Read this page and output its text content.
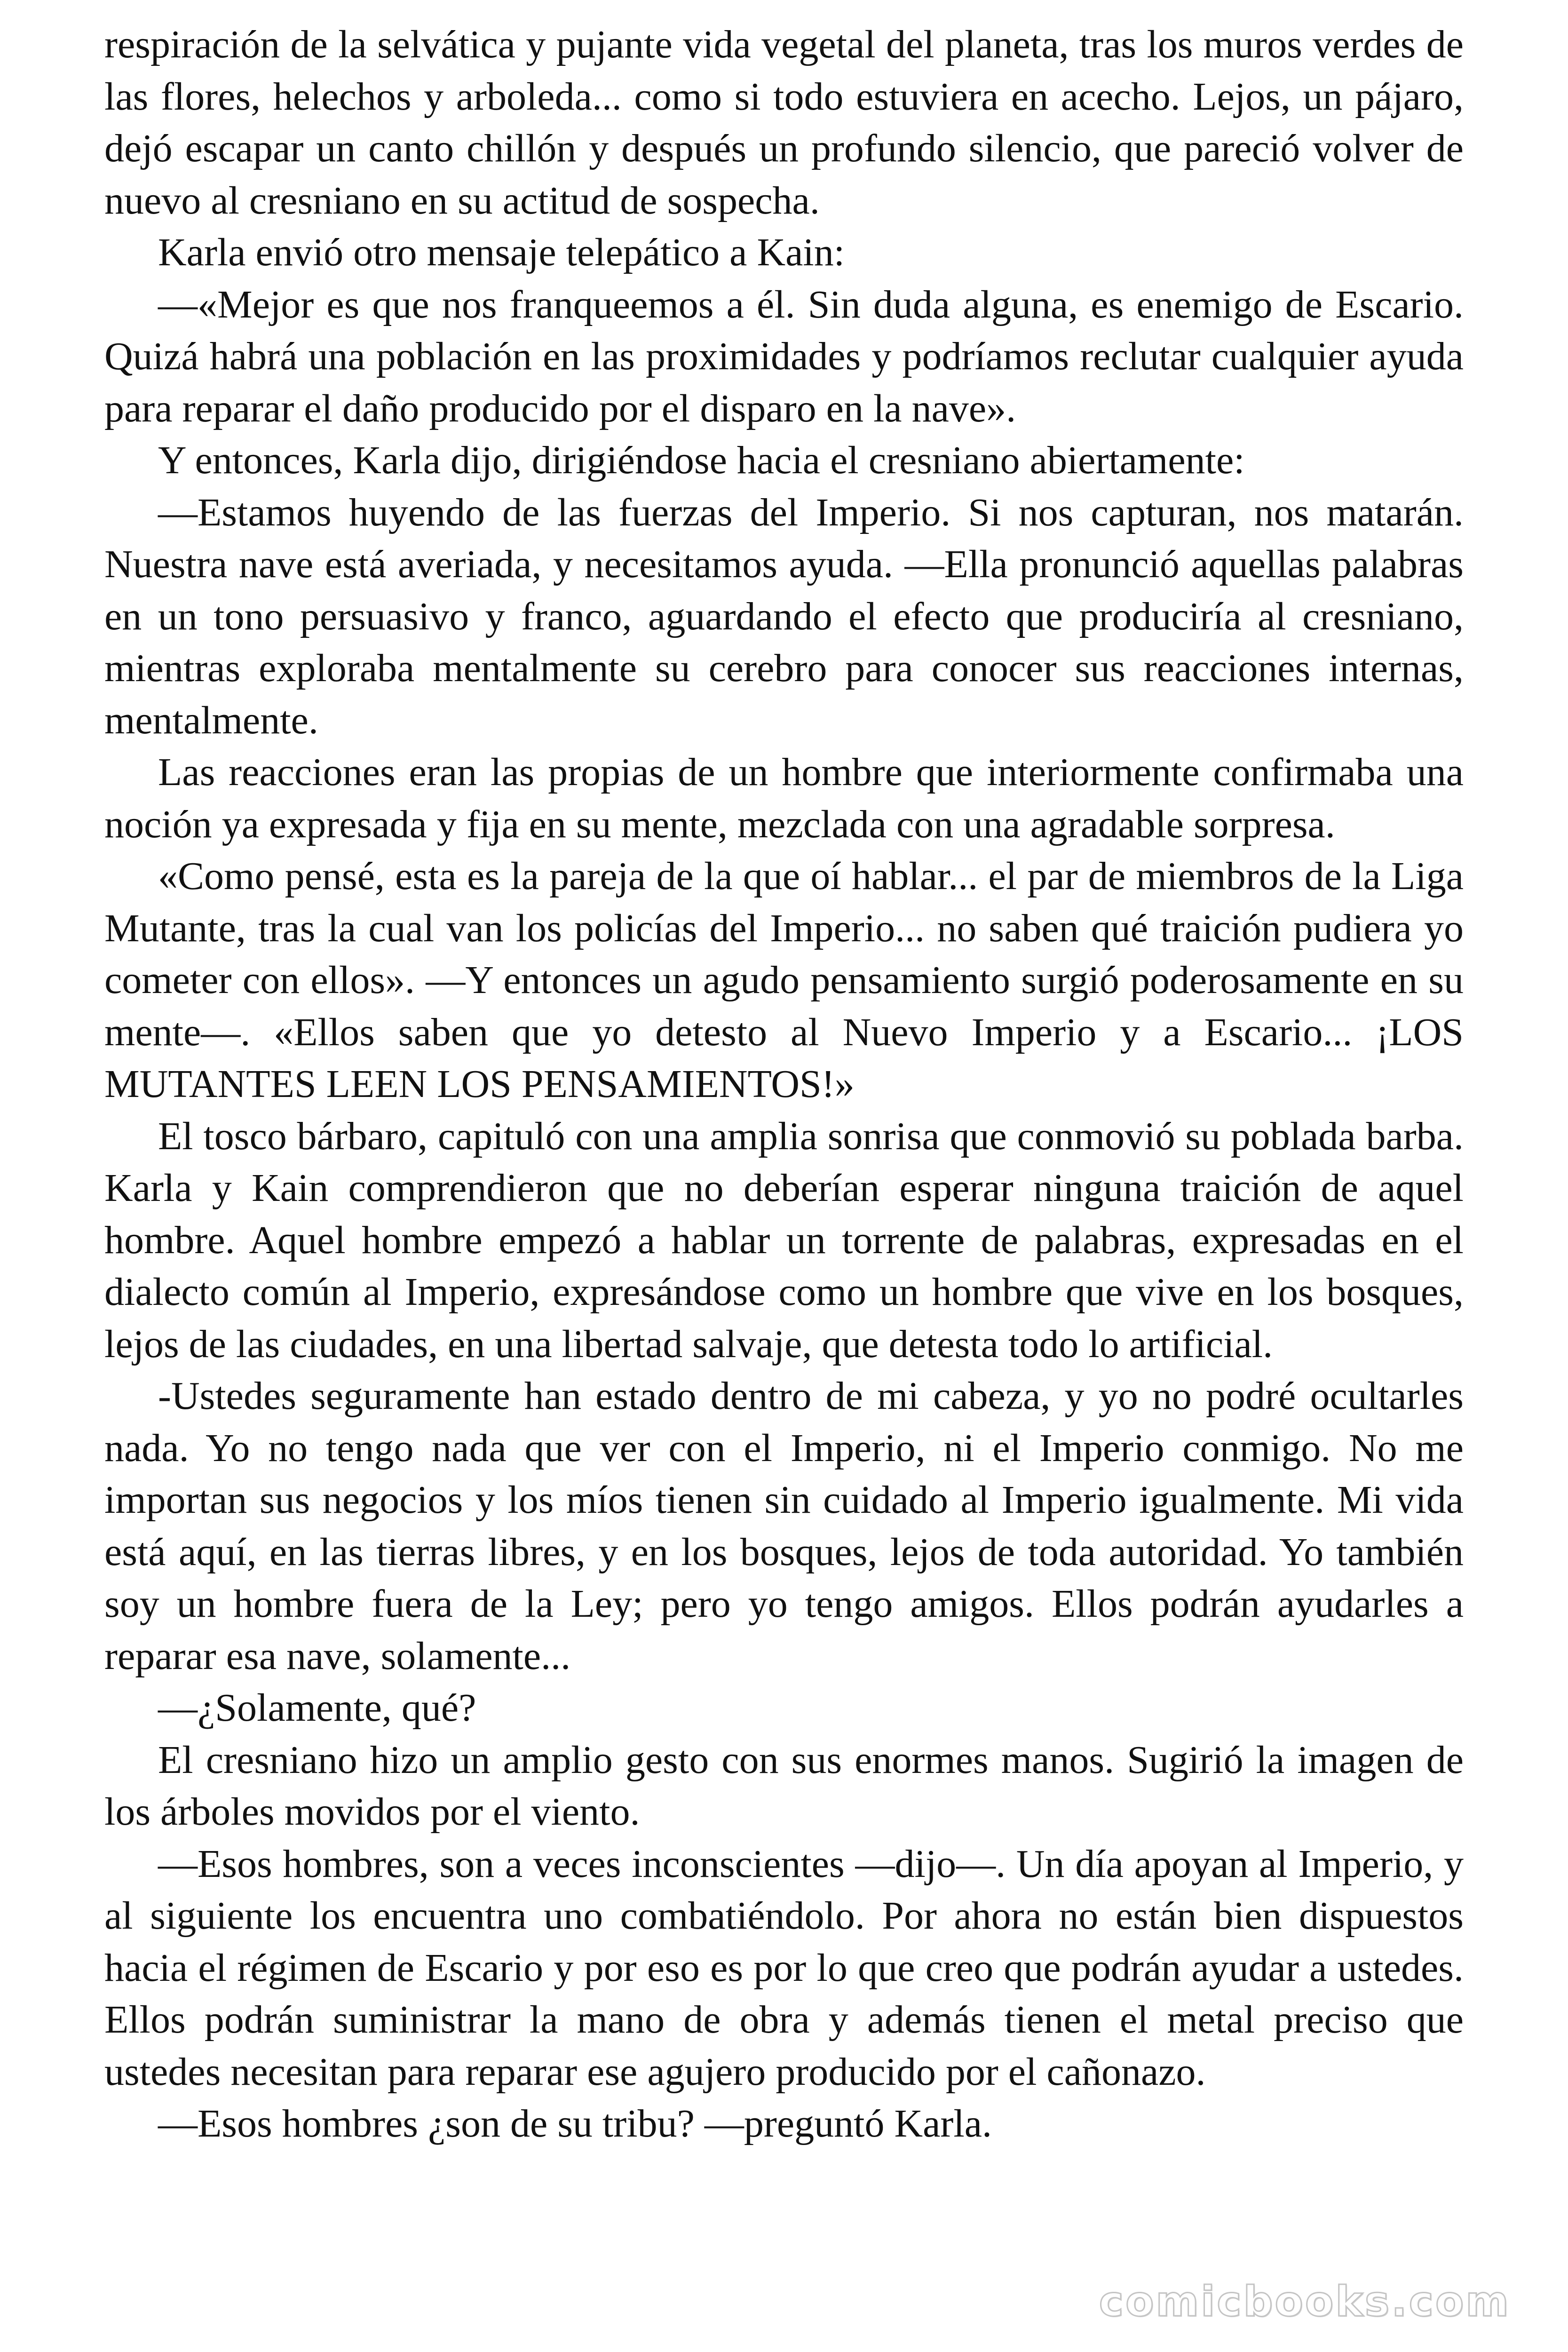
respiración de la selvática y pujante vida vegetal del planeta, tras los muros verdes de las flores, helechos y arboleda... como si todo estuviera en acecho. Lejos, un pájaro, dejó escapar un canto chillón y después un profundo silencio, que pareció volver de nuevo al cresniano en su actitud de sospecha.

Karla envió otro mensaje telepático a Kain:

—«Mejor es que nos franqueemos a él. Sin duda alguna, es enemigo de Escario. Quizá habrá una población en las proximidades y podríamos reclutar cualquier ayuda para reparar el daño producido por el disparo en la nave».

Y entonces, Karla dijo, dirigiéndose hacia el cresniano abiertamente:

—Estamos huyendo de las fuerzas del Imperio. Si nos capturan, nos matarán. Nuestra nave está averiada, y necesitamos ayuda. —Ella pronunció aquellas palabras en un tono persuasivo y franco, aguardando el efecto que produciría al cresniano, mientras exploraba mentalmente su cerebro para conocer sus reacciones internas, mentalmente.

Las reacciones eran las propias de un hombre que interiormente confirmaba una noción ya expresada y fija en su mente, mezclada con una agradable sorpresa.

«Como pensé, esta es la pareja de la que oí hablar... el par de miembros de la Liga Mutante, tras la cual van los policías del Imperio... no saben qué traición pudiera yo cometer con ellos». —Y entonces un agudo pensamiento surgió poderosamente en su mente—. «Ellos saben que yo detesto al Nuevo Imperio y a Escario... ¡LOS MUTANTES LEEN LOS PENSAMIENTOS!»

El tosco bárbaro, capituló con una amplia sonrisa que conmovió su poblada barba. Karla y Kain comprendieron que no deberían esperar ninguna traición de aquel hombre. Aquel hombre empezó a hablar un torrente de palabras, expresadas en el dialecto común al Imperio, expresándose como un hombre que vive en los bosques, lejos de las ciudades, en una libertad salvaje, que detesta todo lo artificial.

-Ustedes seguramente han estado dentro de mi cabeza, y yo no podré ocultarles nada. Yo no tengo nada que ver con el Imperio, ni el Imperio conmigo. No me importan sus negocios y los míos tienen sin cuidado al Imperio igualmente. Mi vida está aquí, en las tierras libres, y en los bosques, lejos de toda autoridad. Yo también soy un hombre fuera de la Ley; pero yo tengo amigos. Ellos podrán ayudarles a reparar esa nave, solamente...

—¿Solamente, qué?

El cresniano hizo un amplio gesto con sus enormes manos. Sugirió la imagen de los árboles movidos por el viento.

—Esos hombres, son a veces inconscientes —dijo—. Un día apoyan al Imperio, y al siguiente los encuentra uno combatiéndolo. Por ahora no están bien dispuestos hacia el régimen de Escario y por eso es por lo que creo que podrán ayudar a ustedes. Ellos podrán suministrar la mano de obra y además tienen el metal preciso que ustedes necesitan para reparar ese agujero producido por el cañonazo.

—Esos hombres ¿son de su tribu? —preguntó Karla.

comicbooks.com
